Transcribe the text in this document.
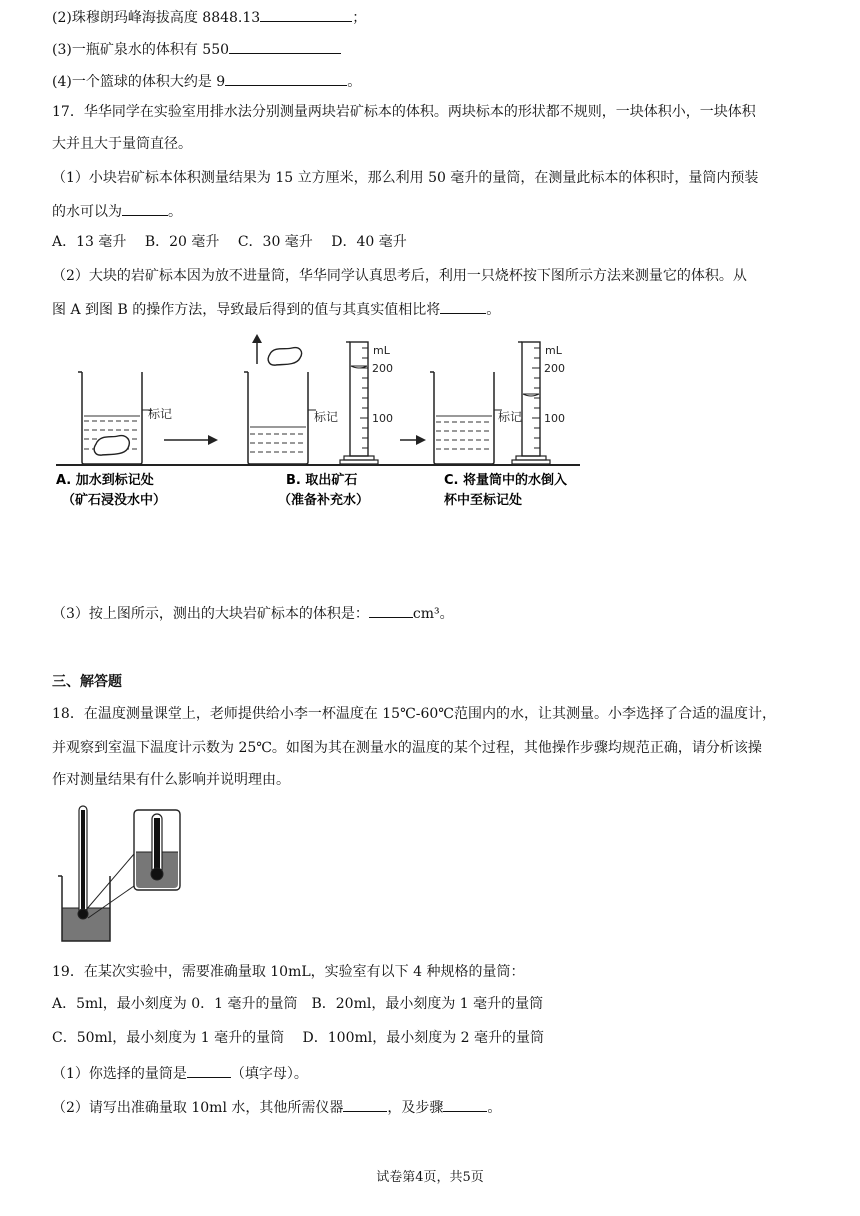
(2)珠穆朗玛峰海拔高度 8848.13	；
(3)一瓶矿泉水的体积有 550
(4)一个篮球的体积大约是 9	。
17．华华同学在实验室用排水法分别测量两块岩矿标本的体积。两块标本的形状都不规则，一块体积小，一块体积
大并且大于量筒直径。
（1）小块岩矿标本体积测量结果为 15 立方厘米，那么利用 50 毫升的量筒，在测量此标本的体积时，量筒内预装
的水可以为	。
A．13 毫升　 B．20 毫升　 C．30 毫升　 D．40 毫升
（2）大块的岩矿标本因为放不进量筒，华华同学认真思考后，利用一只烧杯按下图所示方法来测量它的体积。从
图 A 到图 B 的操作方法，导致最后得到的值与其真实值相比将	。
标记	标记
mL
200
100	标记
mL
200
100
A. 加水到标记处
（矿石浸没水中）
B. 取出矿石
（准备补充水）
C. 将量筒中的水倒入
杯中至标记处
（3）按上图所示，测出的大块岩矿标本的体积是：	cm³。
三、解答题
18．在温度测量课堂上，老师提供给小李一杯温度在 15℃-60℃范围内的水，让其测量。小李选择了合适的温度计，
并观察到室温下温度计示数为 25℃。如图为其在测量水的温度的某个过程，其他操作步骤均规范正确，请分析该操
作对测量结果有什么影响并说明理由。
19．在某次实验中，需要准确量取 10mL，实验室有以下 4 种规格的量筒：
A．5ml，最小刻度为 0．1 毫升的量筒　B．20ml，最小刻度为 1 毫升的量筒
C．50ml，最小刻度为 1 毫升的量筒　 D．100ml，最小刻度为 2 毫升的量筒
（1）你选择的量筒是	（填字母）。
（2）请写出准确量取 10ml 水，其他所需仪器	，及步骤	。
试卷第4页，共5页
